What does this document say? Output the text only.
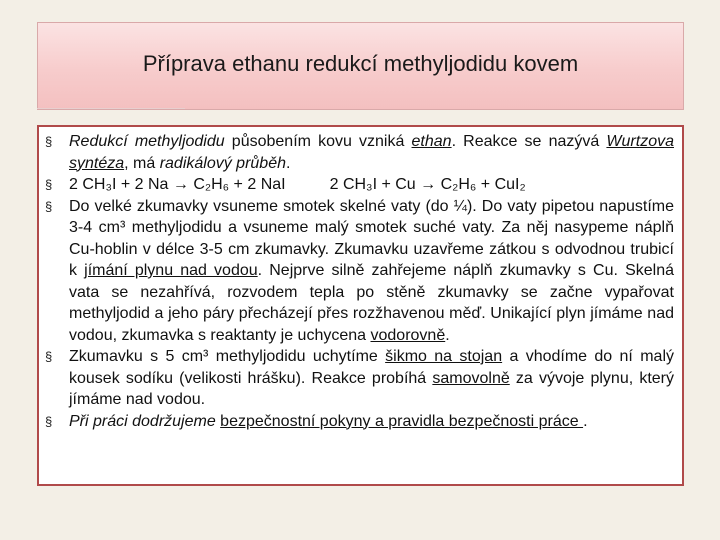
Příprava ethanu redukcí methyljodidu kovem
§ Redukcí methyljodidu působením kovu vzniká ethan. Reakce se nazývá Wurtzova syntéza, má radikálový průběh.
§ 2 CH₃I + 2 Na → C₂H₆ + 2 NaI	2 CH₃I + Cu → C₂H₆ + CuI₂
§ Do velké zkumavky vsuneme smotek skelné vaty (do ¼). Do vaty pipetou napustíme 3-4 cm³ methyljodidu a vsuneme malý smotek suché vaty. Za něj nasypeme náplň Cu-hoblin v délce 3-5 cm zkumavky. Zkumavku uzavřeme zátkou s odvodnou trubicí k jímání plynu nad vodou. Nejprve silně zahřejeme náplň zkumavky s Cu. Skelná vata se nezahřívá, rozvodem tepla po stěně zkumavky se začne vypařovat methyljodid a jeho páry přecházejí přes rozžhavenou měď. Unikající plyn jímáme nad vodou, zkumavka s reaktanty je uchycena vodorovně.
§ Zkumavku s 5 cm³ methyljodidu uchytíme šikmo na stojan a vhodíme do ní malý kousek sodíku (velikosti hrášku). Reakce probíhá samovolně za vývoje plynu, který jímáme nad vodou.
§ Při práci dodržujeme bezpečnostní pokyny a pravidla bezpečnosti práce .
